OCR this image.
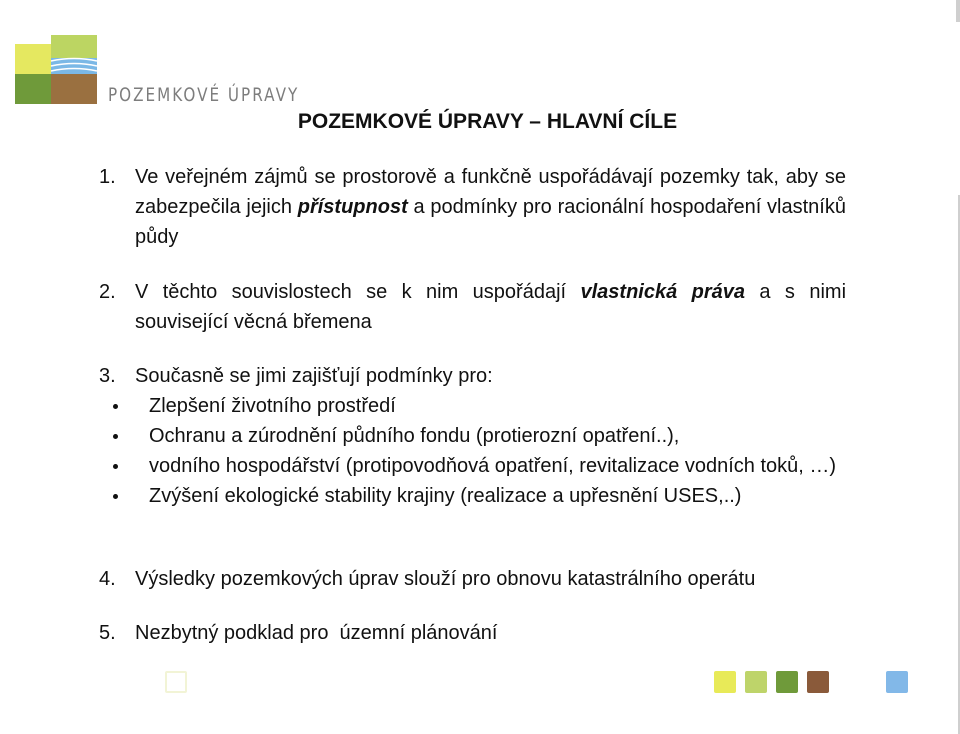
POZEMKOVÉ ÚPRAVY
POZEMKOVÉ ÚPRAVY – HLAVNÍ CÍLE
1. Ve veřejném zájmů se prostorově a funkčně uspořádávají pozemky tak, aby se zabezpečila jejich přístupnost a podmínky pro racionální hospodaření vlastníků půdy
2. V těchto souvislostech se k nim uspořádají vlastnická práva a s nimi související věcná břemena
3. Současně se jimi zajišťují podmínky pro:
Zlepšení životního prostředí
Ochranu a zúrodnění půdního fondu (protierozní opatření..),
vodního hospodářství (protipovodňová opatření, revitalizace vodních toků, …)
Zvýšení ekologické stability krajiny (realizace a upřesnění USES,..)
4. Výsledky pozemkových úprav slouží pro obnovu katastrálního operátu
5. Nezbytný podklad pro  územní plánování
